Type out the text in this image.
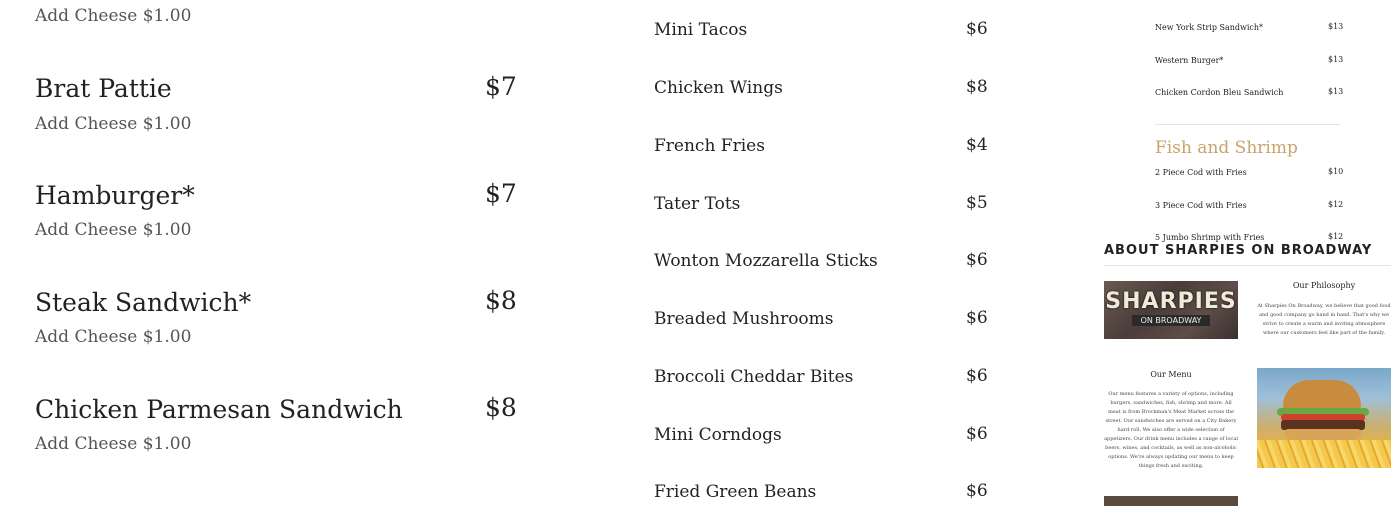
Add Cheese $1.00
Brat Pattie	$7
Add Cheese $1.00
Hamburger*	$7
Add Cheese $1.00
Steak Sandwich*	$8
Add Cheese $1.00
Chicken Parmesan Sandwich	$8
Add Cheese $1.00
Mini Tacos	$6
Chicken Wings	$8
French Fries	$4
Tater Tots	$5
Wonton Mozzarella Sticks	$6
Breaded Mushrooms	$6
Broccoli Cheddar Bites	$6
Mini Corndogs	$6
Fried Green Beans	$6
New York Strip Sandwich*	$13
Western Burger*	$13
Chicken Cordon Bleu Sandwich	$13
Fish and Shrimp
2 Piece Cod with Fries	$10
3 Piece Cod with Fries	$12
ABOUT SHARPIES ON BROADWAY
5 Jumbo Shrimp with Fries	$12
SHARPIES
ON BROADWAY
Our Philosophy
At Sharpies On Broadway, we believe that good food and good company go hand in hand. That's why we strive to create a warm and inviting atmosphere where our customers feel like part of the family.
Our Menu
Our menu features a variety of options, including burgers, sandwiches, fish, shrimp and more. All meat is from Brockman's Meat Market across the street. Our sandwiches are served on a City Bakery hard roll. We also offer a wide selection of appetizers. Our drink menu includes a range of local beers, wines, and cocktails, as well as non-alcoholic options. We're always updating our menu to keep things fresh and exciting.
